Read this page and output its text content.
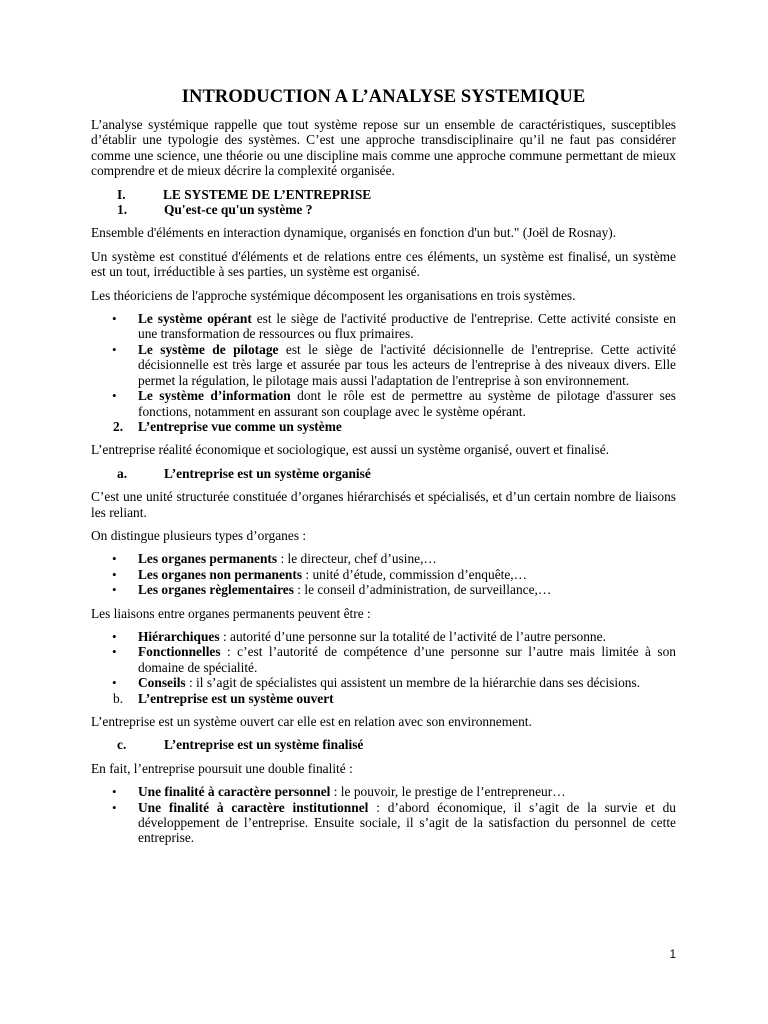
INTRODUCTION A L’ANALYSE SYSTEMIQUE

L’analyse systémique rappelle que tout système repose sur un ensemble de caractéristiques, susceptibles d’établir une typologie des systèmes. C’est une approche transdisciplinaire qu’il ne faut pas considérer comme une science, une théorie ou une discipline mais comme une approche commune permettant de mieux comprendre et de mieux décrire la complexité organisée.

I.	LE SYSTEME DE L’ENTREPRISE
1.	Qu'est-ce qu'un système ?

Ensemble d'éléments en interaction dynamique, organisés en fonction d'un but." (Joël de Rosnay).

Un système est constitué d'éléments et de relations entre ces éléments, un système est finalisé, un système est un tout, irréductible à ses parties, un système est organisé.

Les théoriciens de l'approche systémique décomposent les organisations en trois systèmes.

• Le système opérant est le siège de l'activité productive de l'entreprise. Cette activité consiste en une transformation de ressources ou flux primaires.
• Le système de pilotage est le siège de l'activité décisionnelle de l'entreprise. Cette activité décisionnelle est très large et assurée par tous les acteurs de l'entreprise à des niveaux divers. Elle permet la régulation, le pilotage mais aussi l'adaptation de l'entreprise à son environnement.
• Le système d’information dont le rôle est de permettre au système de pilotage d'assurer ses fonctions, notamment en assurant son couplage avec le système opérant.
2. L’entreprise vue comme un système

L’entreprise réalité économique et sociologique, est aussi un système organisé, ouvert et finalisé.

a.	L’entreprise est un système organisé

C’est une unité structurée constituée d’organes hiérarchisés et spécialisés, et d’un certain nombre de liaisons les reliant.

On distingue plusieurs types d’organes :

• Les organes permanents : le directeur, chef d’usine,…
• Les organes non permanents : unité d’étude, commission d’enquête,…
• Les organes règlementaires : le conseil d’administration, de surveillance,…

Les liaisons entre organes permanents peuvent être :

• Hiérarchiques : autorité d’une personne sur la totalité de l’activité de l’autre personne.
• Fonctionnelles : c’est l’autorité de compétence d’une personne sur l’autre mais limitée à son domaine de spécialité.
• Conseils : il s’agit de spécialistes qui assistent un membre de la hiérarchie dans ses décisions.
b. L’entreprise est un système ouvert

L’entreprise est un système ouvert car elle est en relation avec son environnement.

c.	L’entreprise est un système finalisé

En fait, l’entreprise poursuit une double finalité :

• Une finalité à caractère personnel : le pouvoir, le prestige de l’entrepreneur…
• Une finalité à caractère institutionnel : d’abord économique, il s’agit de la survie et du développement de l’entreprise. Ensuite sociale, il s’agit de la satisfaction du personnel de cette entreprise.
1
